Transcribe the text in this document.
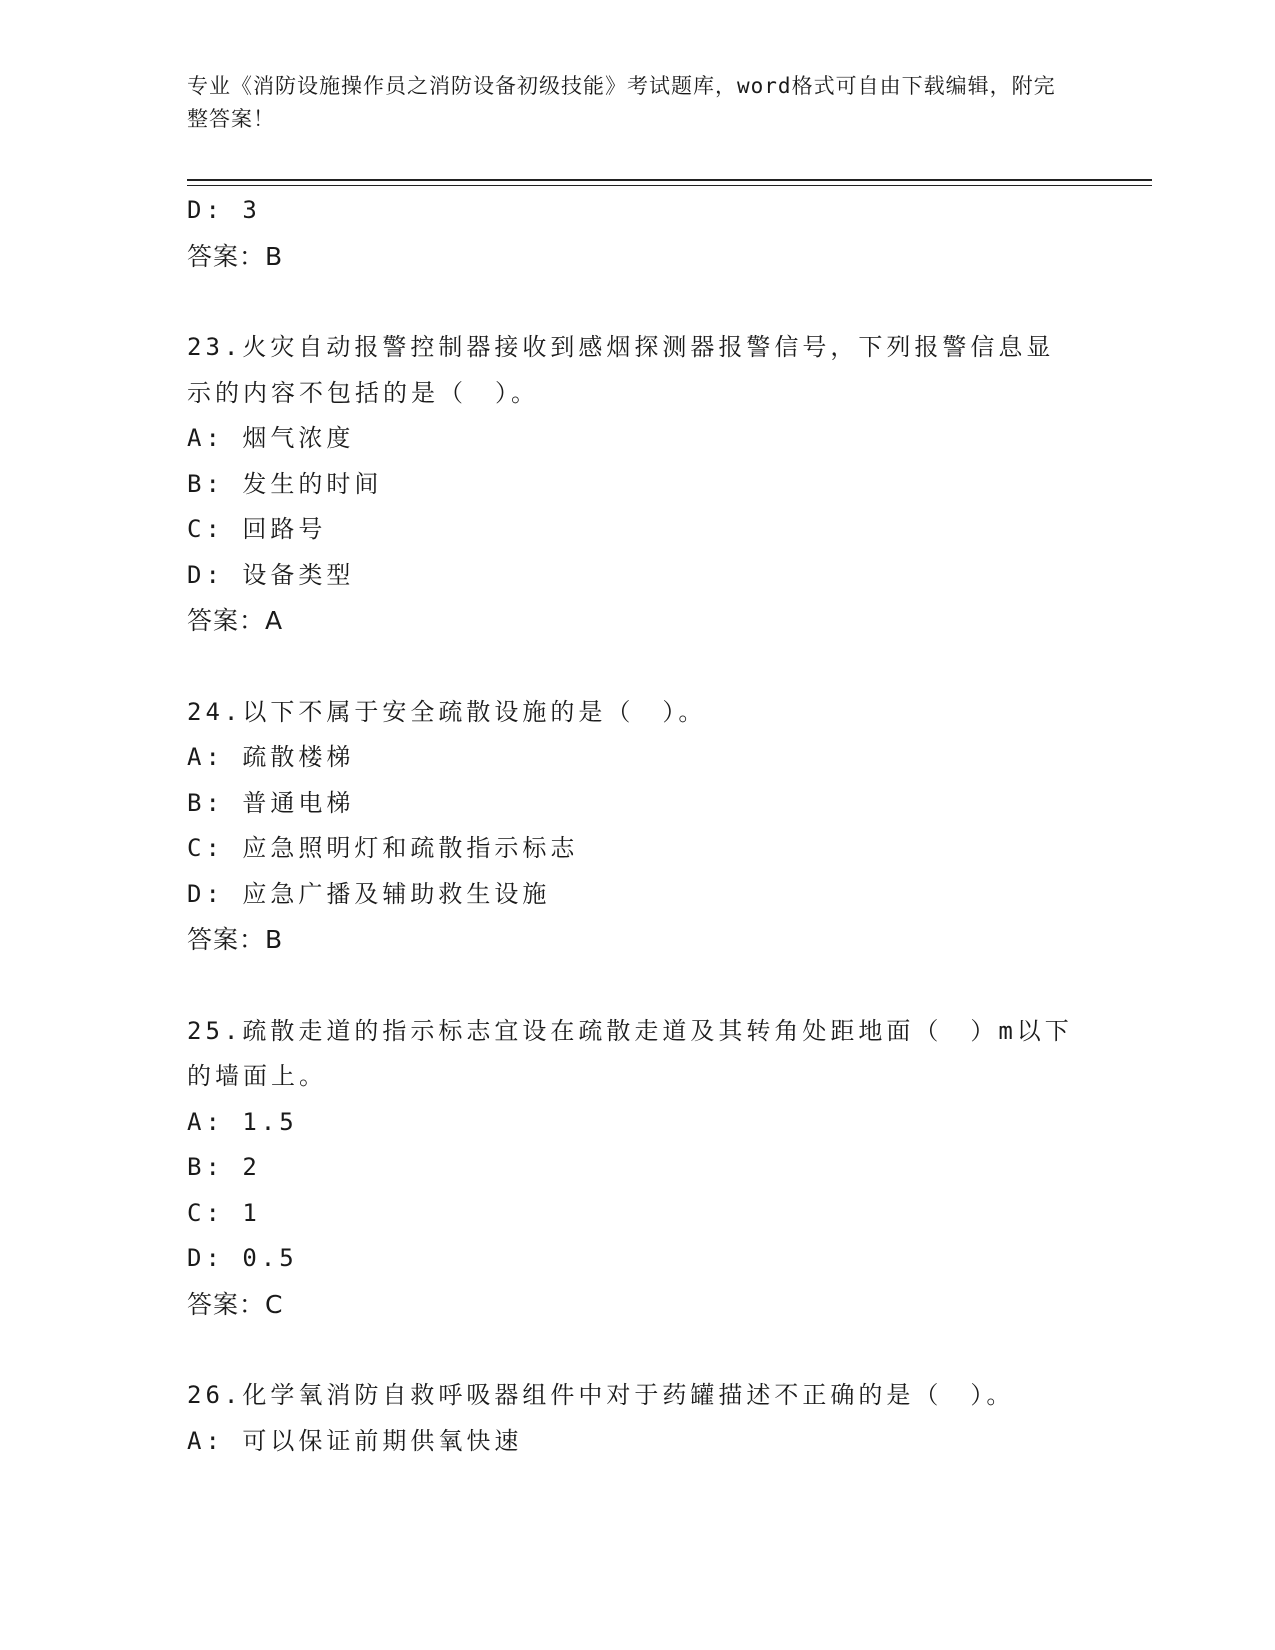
专业《消防设施操作员之消防设备初级技能》考试题库，word格式可自由下载编辑，附完整答案！
D: 3
答案：B
23.火灾自动报警控制器接收到感烟探测器报警信号，下列报警信息显示的内容不包括的是（　）。
A: 烟气浓度
B: 发生的时间
C: 回路号
D: 设备类型
答案：A
24.以下不属于安全疏散设施的是（　）。
A: 疏散楼梯
B: 普通电梯
C: 应急照明灯和疏散指示标志
D: 应急广播及辅助救生设施
答案：B
25.疏散走道的指示标志宜设在疏散走道及其转角处距地面（　）m以下的墙面上。
A: 1.5
B: 2
C: 1
D: 0.5
答案：C
26.化学氧消防自救呼吸器组件中对于药罐描述不正确的是（　）。
A: 可以保证前期供氧快速
